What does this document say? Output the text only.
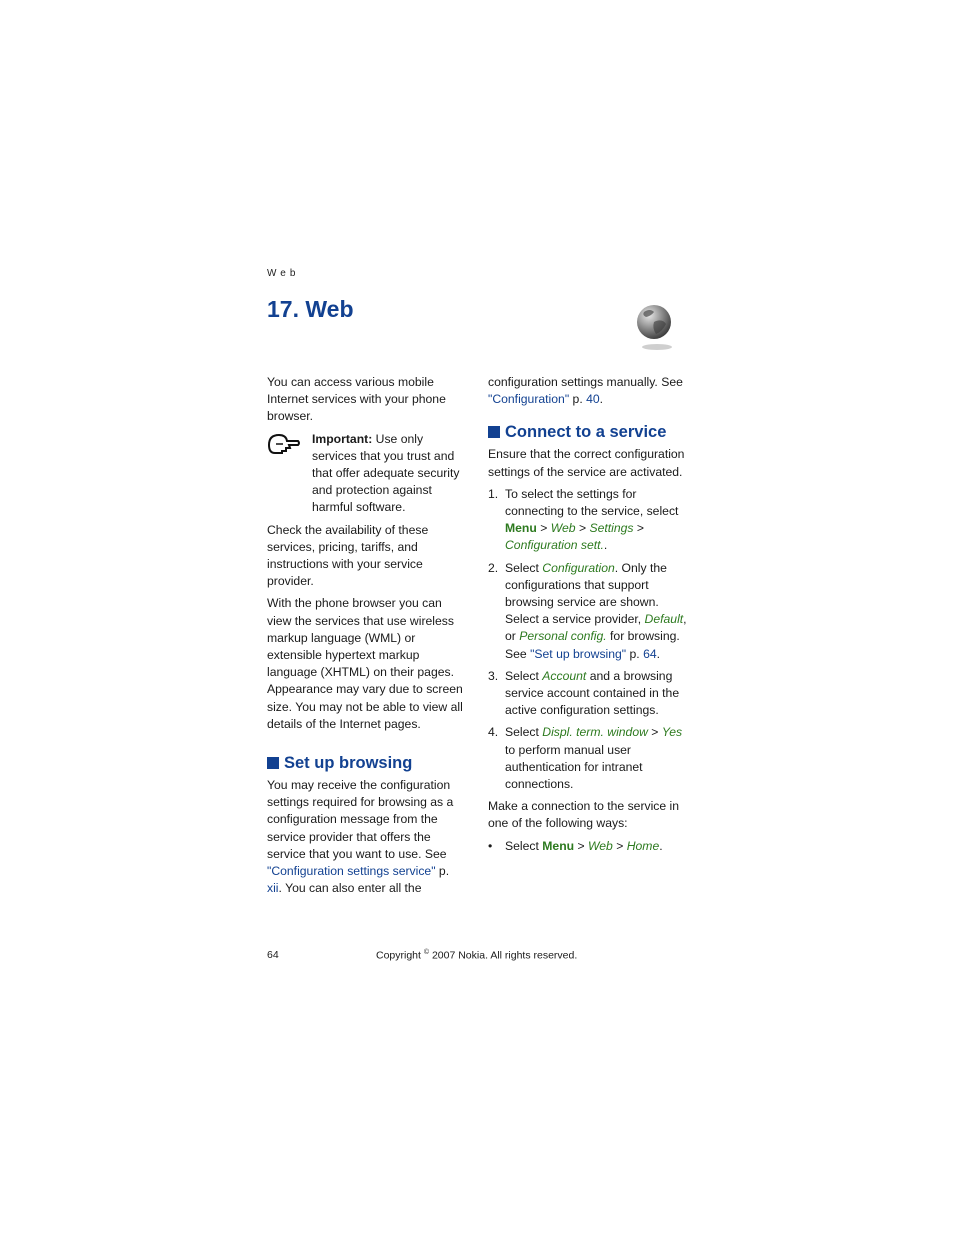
Web
17. Web

You can access various mobile Internet services with your phone browser.

Important: Use only services that you trust and that offer adequate security and protection against harmful software.

Check the availability of these services, pricing, tariffs, and instructions with your service provider.

With the phone browser you can view the services that use wireless markup language (WML) or extensible hypertext markup language (XHTML) on their pages. Appearance may vary due to screen size. You may not be able to view all details of the Internet pages.

Set up browsing

You may receive the configuration settings required for browsing as a configuration message from the service provider that offers the service that you want to use. See "Configuration settings service" p. xii. You can also enter all the

configuration settings manually. See "Configuration" p. 40.

Connect to a service

Ensure that the correct configuration settings of the service are activated.

1. To select the settings for connecting to the service, select Menu > Web > Settings > Configuration sett..
2. Select Configuration. Only the configurations that support browsing service are shown. Select a service provider, Default, or Personal config. for browsing. See "Set up browsing" p. 64.
3. Select Account and a browsing service account contained in the active configuration settings.
4. Select Displ. term. window > Yes to perform manual user authentication for intranet connections.

Make a connection to the service in one of the following ways:

•	Select Menu > Web > Home.
64	Copyright © 2007 Nokia. All rights reserved.
